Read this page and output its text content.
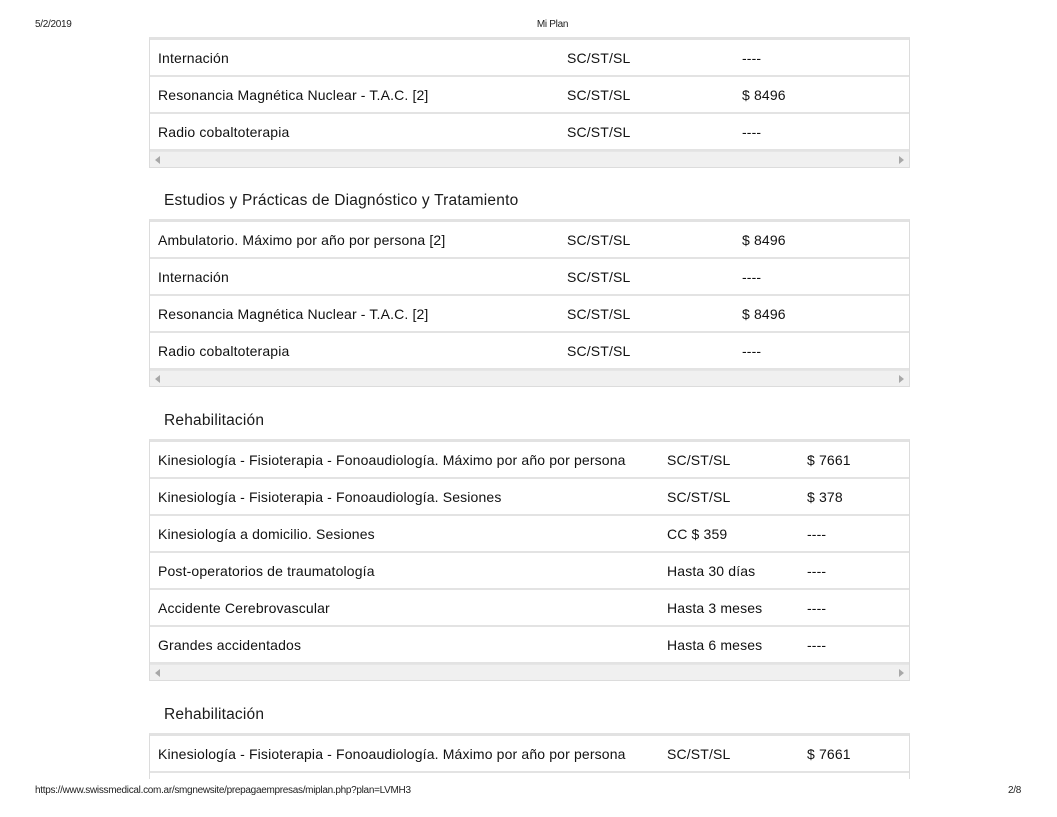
5/2/2019	Mi Plan
Internación	SC/ST/SL	----
Resonancia Magnética Nuclear - T.A.C. [2]	SC/ST/SL	$ 8496
Radio cobaltoterapia	SC/ST/SL	----
Estudios y Prácticas de Diagnóstico y Tratamiento
Ambulatorio. Máximo por año por persona [2]	SC/ST/SL	$ 8496
Internación	SC/ST/SL	----
Resonancia Magnética Nuclear - T.A.C. [2]	SC/ST/SL	$ 8496
Radio cobaltoterapia	SC/ST/SL	----
Rehabilitación
Kinesiología - Fisioterapia - Fonoaudiología. Máximo por año por persona	SC/ST/SL	$ 7661
Kinesiología - Fisioterapia - Fonoaudiología. Sesiones	SC/ST/SL	$ 378
Kinesiología a domicilio. Sesiones	CC $ 359	----
Post-operatorios de traumatología	Hasta 30 días	----
Accidente Cerebrovascular	Hasta 3 meses	----
Grandes accidentados	Hasta 6 meses	----
Rehabilitación
Kinesiología - Fisioterapia - Fonoaudiología. Máximo por año por persona	SC/ST/SL	$ 7661
https://www.swissmedical.com.ar/smgnewsite/prepagaempresas/miplan.php?plan=LVMH3	2/8
